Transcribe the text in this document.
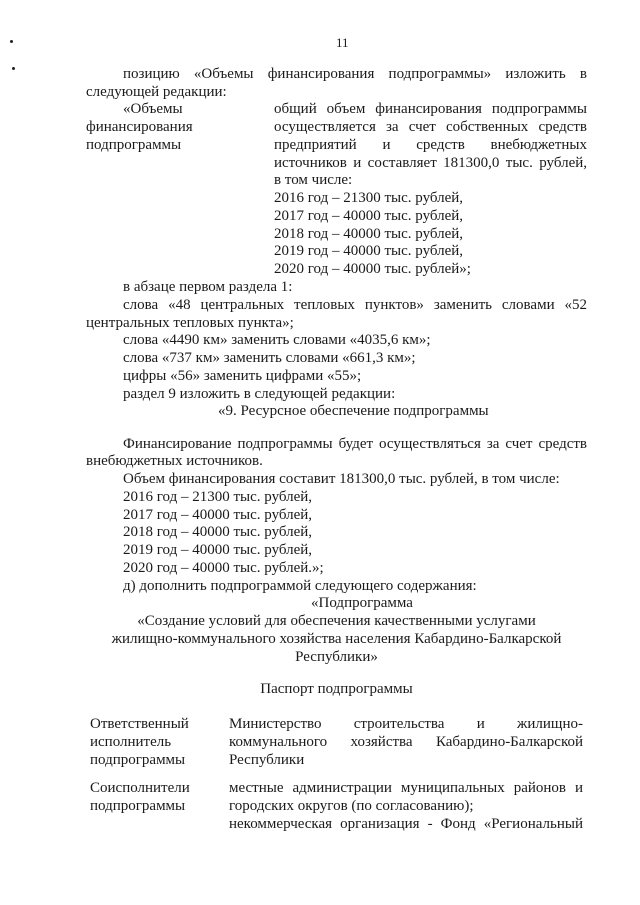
11
позицию «Объемы финансирования подпрограммы» изложить в
следующей редакции:
«Объемы
финансирования
подпрограммы
общий объем финансирования подпрограммы
осуществляется за счет собственных средств
предприятий и средств внебюджетных
источников и составляет 181300,0 тыс. рублей,
в том числе:
2016 год – 21300 тыс. рублей,
2017 год – 40000 тыс. рублей,
2018 год – 40000 тыс. рублей,
2019 год – 40000 тыс. рублей,
2020 год – 40000 тыс. рублей»;
в абзаце первом раздела 1:
слова «48 центральных тепловых пунктов» заменить словами «52
центральных тепловых пункта»;
слова «4490 км» заменить словами «4035,6 км»;
слова «737 км» заменить словами «661,3 км»;
цифры «56» заменить цифрами «55»;
раздел 9 изложить в следующей редакции:
«9. Ресурсное обеспечение подпрограммы
Финансирование подпрограммы будет осуществляться за счет средств
внебюджетных источников.
Объем финансирования составит 181300,0 тыс. рублей, в том числе:
2016 год – 21300 тыс. рублей,
2017 год – 40000 тыс. рублей,
2018 год – 40000 тыс. рублей,
2019 год – 40000 тыс. рублей,
2020 год – 40000 тыс. рублей.»;
д) дополнить подпрограммой следующего содержания:
«Подпрограмма
«Создание условий для обеспечения качественными услугами
жилищно-коммунального хозяйства населения Кабардино-Балкарской
Республики»
Паспорт подпрограммы
Ответственный
исполнитель
подпрограммы
Министерство строительства и жилищно-
коммунального хозяйства Кабардино-Балкарской
Республики
Соисполнители
подпрограммы
местные администрации муниципальных районов и
городских округов (по согласованию);
некоммерческая организация - Фонд «Региональный
